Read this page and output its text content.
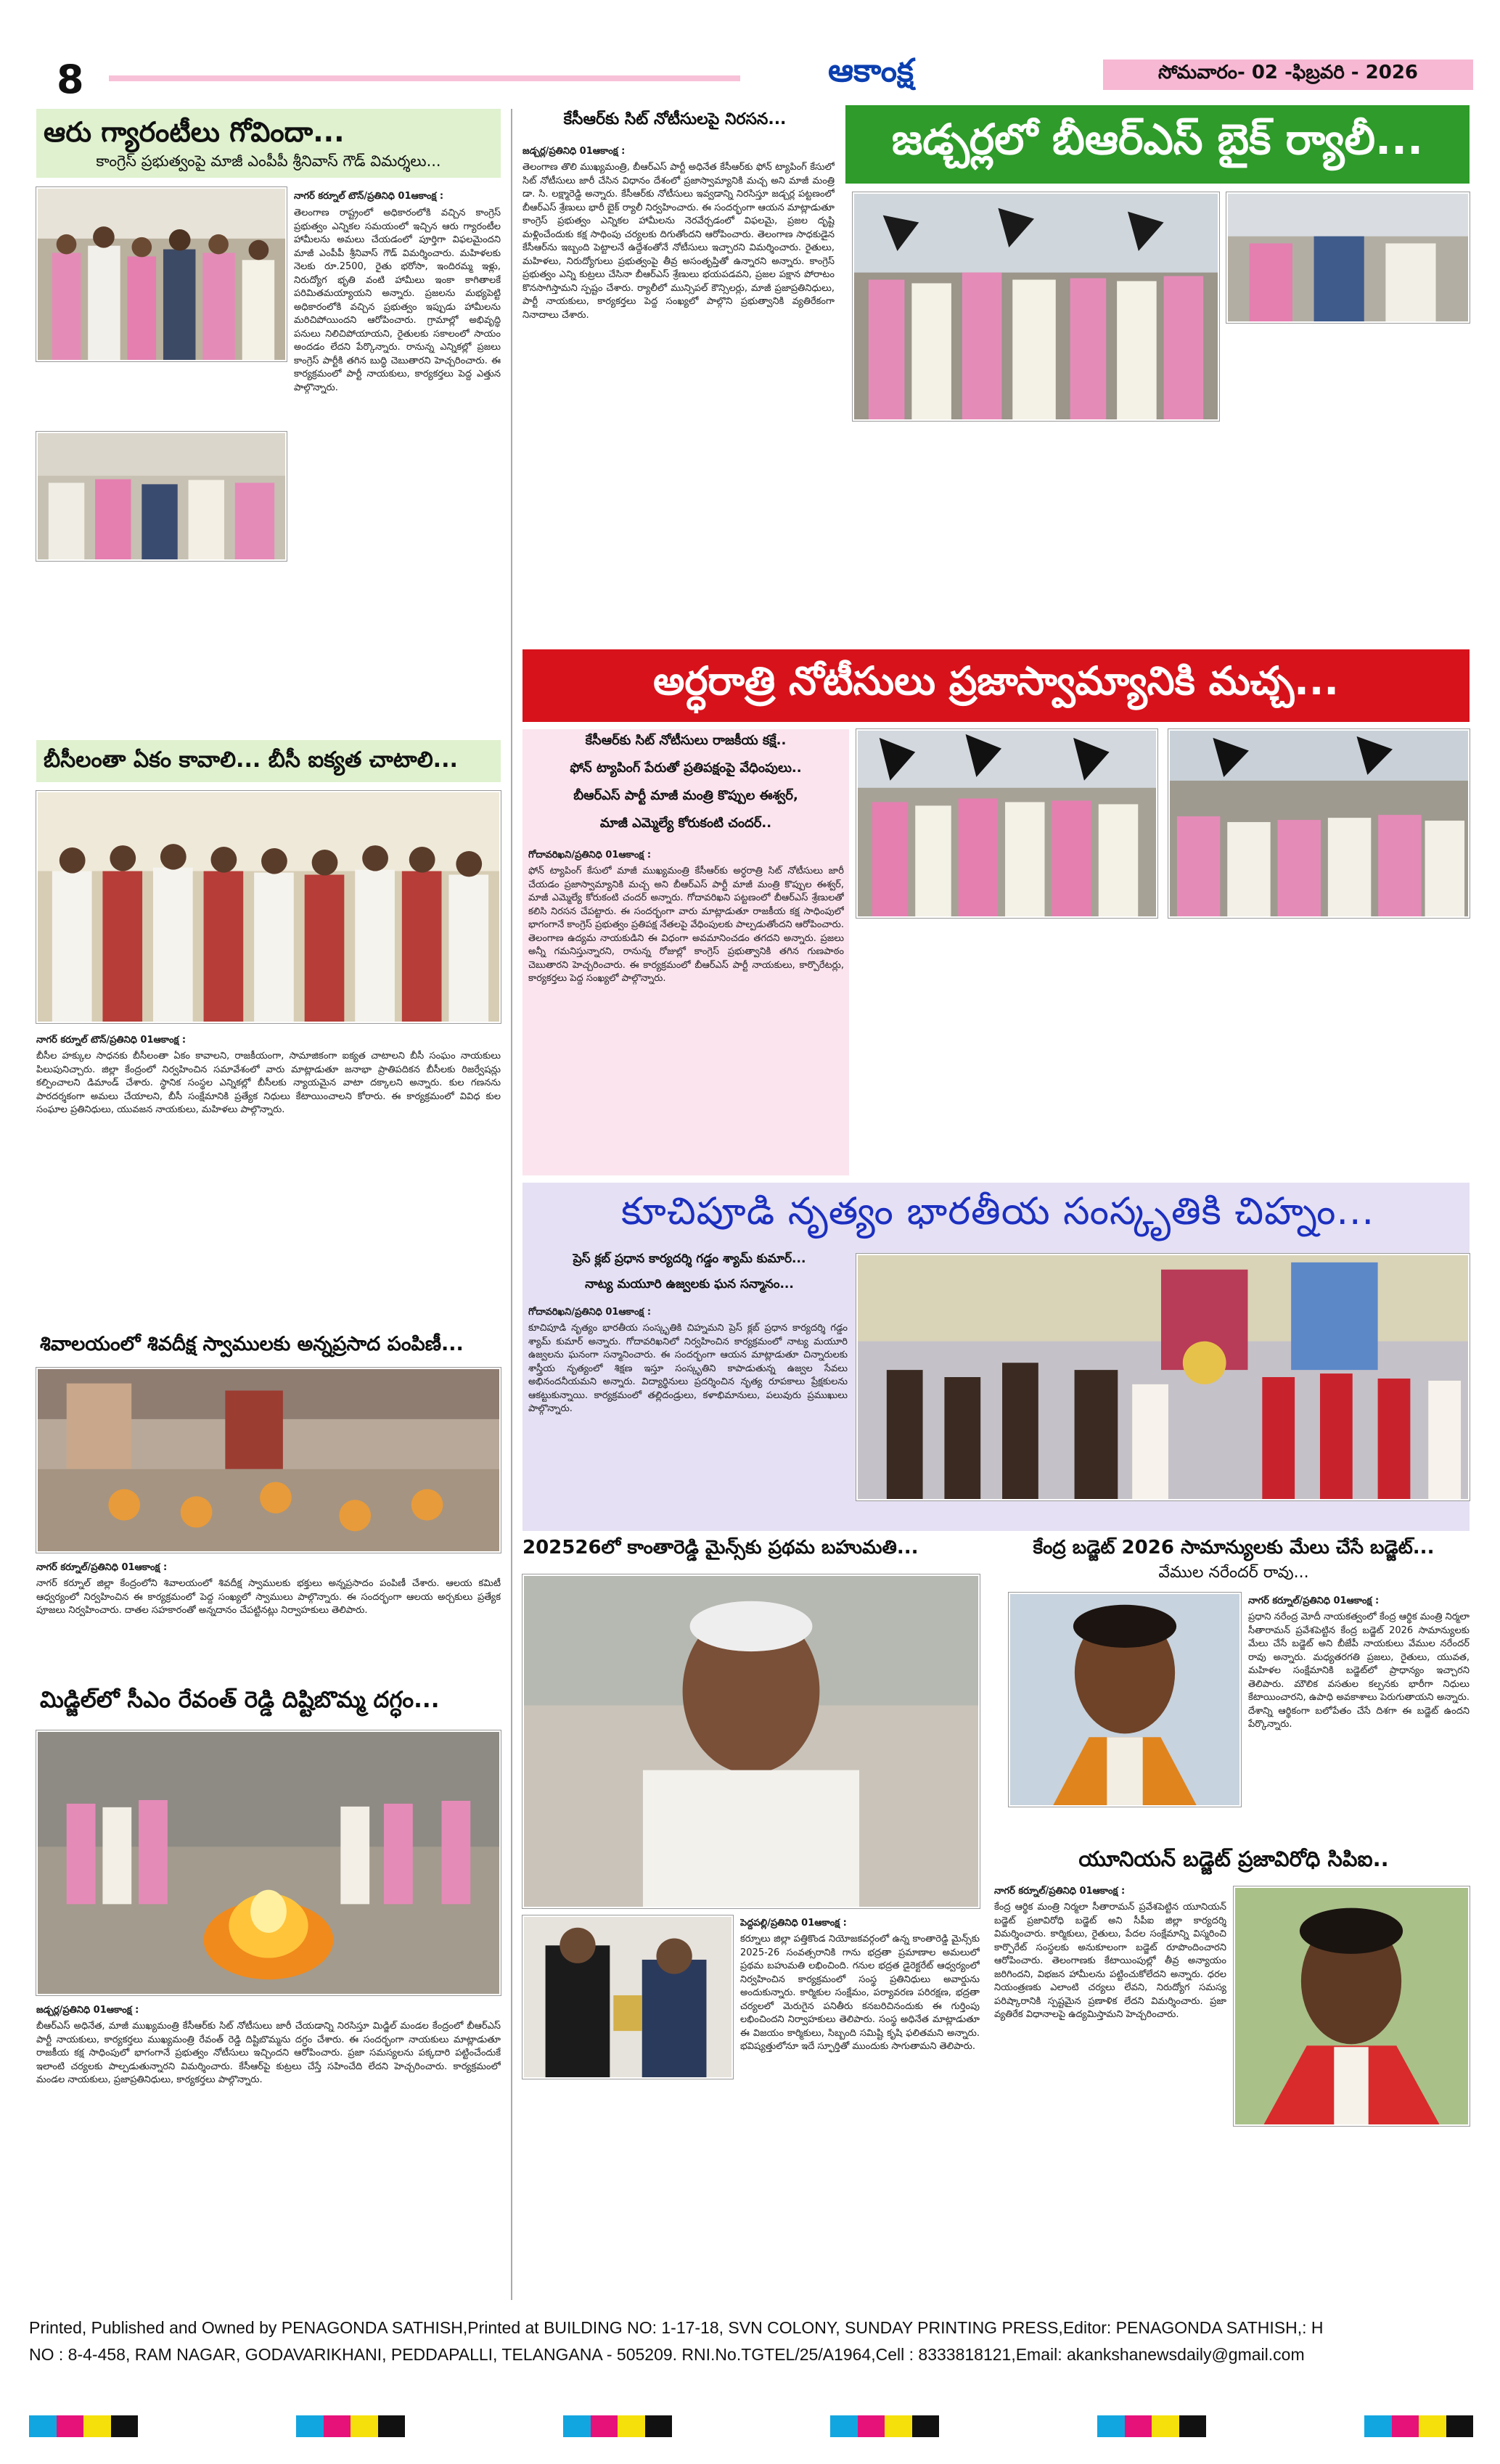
8	ఆకాంక్ష	సోమవారం- 02 -ఫిబ్రవరి - 2026
ఆరు గ్యారంటీలు గోవిందా...
కాంగ్రెస్ ప్రభుత్వంపై మాజీ ఎంపీపీ శ్రీనివాస్ గౌడ్ విమర్శలు...
నాగర్ కర్నూల్ టౌన్/ప్రతినిధి 01ఆకాంక్ష :
తెలంగాణ రాష్ట్రంలో అధికారంలోకి వచ్చిన కాంగ్రెస్ ప్రభుత్వం ఎన్నికల సమయంలో ఇచ్చిన ఆరు గ్యారంటీల హామీలను అమలు చేయడంలో పూర్తిగా విఫలమైందని మాజీ ఎంపీపీ శ్రీనివాస్ గౌడ్ విమర్శించారు. మహిళలకు నెలకు రూ.2500, రైతు భరోసా, ఇందిరమ్మ ఇళ్లు, నిరుద్యోగ భృతి వంటి హామీలు ఇంకా కాగితాలకే పరిమితమయ్యాయని అన్నారు. ప్రజలను మభ్యపెట్టి అధికారంలోకి వచ్చిన ప్రభుత్వం ఇప్పుడు హామీలను మరిచిపోయిందని ఆరోపించారు. గ్రామాల్లో అభివృద్ధి పనులు నిలిచిపోయాయని, రైతులకు సకాలంలో సాయం అందడం లేదని పేర్కొన్నారు. రానున్న ఎన్నికల్లో ప్రజలు కాంగ్రెస్ పార్టీకి తగిన బుద్ధి చెబుతారని హెచ్చరించారు. ఈ కార్యక్రమంలో పార్టీ నాయకులు, కార్యకర్తలు పెద్ద ఎత్తున పాల్గొన్నారు.
బీసీలంతా ఏకం కావాలి... బీసీ ఐక్యత చాటాలి...
నాగర్ కర్నూల్ టౌన్/ప్రతినిధి 01ఆకాంక్ష :
బీసీల హక్కుల సాధనకు బీసీలంతా ఏకం కావాలని, రాజకీయంగా, సామాజికంగా ఐక్యత చాటాలని బీసీ సంఘం నాయకులు పిలుపునిచ్చారు. జిల్లా కేంద్రంలో నిర్వహించిన సమావేశంలో వారు మాట్లాడుతూ జనాభా ప్రాతిపదికన బీసీలకు రిజర్వేషన్లు కల్పించాలని డిమాండ్ చేశారు. స్థానిక సంస్థల ఎన్నికల్లో బీసీలకు న్యాయమైన వాటా దక్కాలని అన్నారు. కుల గణనను పారదర్శకంగా అమలు చేయాలని, బీసీ సంక్షేమానికి ప్రత్యేక నిధులు కేటాయించాలని కోరారు. ఈ కార్యక్రమంలో వివిధ కుల సంఘాల ప్రతినిధులు, యువజన నాయకులు, మహిళలు పాల్గొన్నారు.
శివాలయంలో శివదీక్ష స్వాములకు అన్నప్రసాద పంపిణీ...
నాగర్ కర్నూల్/ప్రతినిధి 01ఆకాంక్ష :
నాగర్ కర్నూల్ జిల్లా కేంద్రంలోని శివాలయంలో శివదీక్ష స్వాములకు భక్తులు అన్నప్రసాదం పంపిణీ చేశారు. ఆలయ కమిటీ ఆధ్వర్యంలో నిర్వహించిన ఈ కార్యక్రమంలో పెద్ద సంఖ్యలో స్వాములు పాల్గొన్నారు. ఈ సందర్భంగా ఆలయ అర్చకులు ప్రత్యేక పూజలు నిర్వహించారు. దాతల సహకారంతో అన్నదానం చేపట్టినట్లు నిర్వాహకులు తెలిపారు.
మిడ్జిల్‌లో సీఎం రేవంత్ రెడ్డి దిష్టిబొమ్మ దగ్ధం...
జడ్చర్ల/ప్రతినిధి 01ఆకాంక్ష :
బీఆర్ఎస్ అధినేత, మాజీ ముఖ్యమంత్రి కేసీఆర్‌కు సిట్ నోటీసులు జారీ చేయడాన్ని నిరసిస్తూ మిడ్జిల్ మండల కేంద్రంలో బీఆర్ఎస్ పార్టీ నాయకులు, కార్యకర్తలు ముఖ్యమంత్రి రేవంత్ రెడ్డి దిష్టిబొమ్మను దగ్ధం చేశారు. ఈ సందర్భంగా నాయకులు మాట్లాడుతూ రాజకీయ కక్ష సాధింపులో భాగంగానే ప్రభుత్వం నోటీసులు ఇచ్చిందని ఆరోపించారు. ప్రజా సమస్యలను పక్కదారి పట్టించేందుకే ఇలాంటి చర్యలకు పాల్పడుతున్నారని విమర్శించారు. కేసీఆర్‌పై కుట్రలు చేస్తే సహించేది లేదని హెచ్చరించారు. కార్యక్రమంలో మండల నాయకులు, ప్రజాప్రతినిధులు, కార్యకర్తలు పాల్గొన్నారు.
కేసీఆర్‌కు సిట్ నోటీసులపై నిరసన...	జడ్చర్లలో బీఆర్ఎస్ బైక్ ర్యాలీ...
జడ్చర్ల/ప్రతినిధి 01ఆకాంక్ష :
తెలంగాణ తొలి ముఖ్యమంత్రి, బీఆర్ఎస్ పార్టీ అధినేత కేసీఆర్‌కు ఫోన్ ట్యాపింగ్ కేసులో సిట్ నోటీసులు జారీ చేసిన విధానం దేశంలో ప్రజాస్వామ్యానికి మచ్చ అని మాజీ మంత్రి డా. సి. లక్ష్మారెడ్డి అన్నారు. కేసీఆర్‌కు నోటీసులు ఇవ్వడాన్ని నిరసిస్తూ జడ్చర్ల పట్టణంలో బీఆర్ఎస్ శ్రేణులు భారీ బైక్ ర్యాలీ నిర్వహించారు. ఈ సందర్భంగా ఆయన మాట్లాడుతూ కాంగ్రెస్ ప్రభుత్వం ఎన్నికల హామీలను నెరవేర్చడంలో విఫలమై, ప్రజల దృష్టి మళ్లించేందుకు కక్ష సాధింపు చర్యలకు దిగుతోందని ఆరోపించారు. తెలంగాణ సాధకుడైన కేసీఆర్‌ను ఇబ్బంది పెట్టాలనే ఉద్దేశంతోనే నోటీసులు ఇచ్చారని విమర్శించారు. రైతులు, మహిళలు, నిరుద్యోగులు ప్రభుత్వంపై తీవ్ర అసంతృప్తితో ఉన్నారని అన్నారు. కాంగ్రెస్ ప్రభుత్వం ఎన్ని కుట్రలు చేసినా బీఆర్ఎస్ శ్రేణులు భయపడవని, ప్రజల పక్షాన పోరాటం కొనసాగిస్తామని స్పష్టం చేశారు. ర్యాలీలో మున్సిపల్ కౌన్సిలర్లు, మాజీ ప్రజాప్రతినిధులు, పార్టీ నాయకులు, కార్యకర్తలు పెద్ద సంఖ్యలో పాల్గొని ప్రభుత్వానికి వ్యతిరేకంగా నినాదాలు చేశారు.
అర్ధరాత్రి నోటీసులు ప్రజాస్వామ్యానికి మచ్చ...
కేసీఆర్‌కు సిట్ నోటీసులు రాజకీయ కక్షే..
ఫోన్ ట్యాపింగ్ పేరుతో ప్రతిపక్షంపై వేధింపులు..
బీఆర్ఎస్ పార్టీ మాజీ మంత్రి కొప్పుల ఈశ్వర్,
మాజీ ఎమ్మెల్యే కోరుకంటి చందర్..
గోదావరిఖని/ప్రతినిధి 01ఆకాంక్ష :
ఫోన్ ట్యాపింగ్ కేసులో మాజీ ముఖ్యమంత్రి కేసీఆర్‌కు అర్ధరాత్రి సిట్ నోటీసులు జారీ చేయడం ప్రజాస్వామ్యానికి మచ్చ అని బీఆర్ఎస్ పార్టీ మాజీ మంత్రి కొప్పుల ఈశ్వర్, మాజీ ఎమ్మెల్యే కోరుకంటి చందర్ అన్నారు. గోదావరిఖని పట్టణంలో బీఆర్ఎస్ శ్రేణులతో కలిసి నిరసన చేపట్టారు. ఈ సందర్భంగా వారు మాట్లాడుతూ రాజకీయ కక్ష సాధింపులో భాగంగానే కాంగ్రెస్ ప్రభుత్వం ప్రతిపక్ష నేతలపై వేధింపులకు పాల్పడుతోందని ఆరోపించారు. తెలంగాణ ఉద్యమ నాయకుడిని ఈ విధంగా అవమానించడం తగదని అన్నారు. ప్రజలు అన్నీ గమనిస్తున్నారని, రానున్న రోజుల్లో కాంగ్రెస్ ప్రభుత్వానికి తగిన గుణపాఠం చెబుతారని హెచ్చరించారు. ఈ కార్యక్రమంలో బీఆర్ఎస్ పార్టీ నాయకులు, కార్పొరేటర్లు, కార్యకర్తలు పెద్ద సంఖ్యలో పాల్గొన్నారు.
కూచిపూడి నృత్యం భారతీయ సంస్కృతికి చిహ్నం...
ప్రెస్ క్లబ్ ప్రధాన కార్యదర్శి గడ్డం శ్యామ్ కుమార్...
నాట్య మయూరి ఉజ్వలకు ఘన సన్మానం...
గోదావరిఖని/ప్రతినిధి 01ఆకాంక్ష :
కూచిపూడి నృత్యం భారతీయ సంస్కృతికి చిహ్నమని ప్రెస్ క్లబ్ ప్రధాన కార్యదర్శి గడ్డం శ్యామ్ కుమార్ అన్నారు. గోదావరిఖనిలో నిర్వహించిన కార్యక్రమంలో నాట్య మయూరి ఉజ్వలను ఘనంగా సన్మానించారు. ఈ సందర్భంగా ఆయన మాట్లాడుతూ చిన్నారులకు శాస్త్రీయ నృత్యంలో శిక్షణ ఇస్తూ సంస్కృతిని కాపాడుతున్న ఉజ్వల సేవలు అభినందనీయమని అన్నారు. విద్యార్థినులు ప్రదర్శించిన నృత్య రూపకాలు ప్రేక్షకులను ఆకట్టుకున్నాయి. కార్యక్రమంలో తల్లిదండ్రులు, కళాభిమానులు, పలువురు ప్రముఖులు పాల్గొన్నారు.
202526లో కాంతారెడ్డి మైన్స్‌కు ప్రథమ బహుమతి...
పెద్దపల్లి/ప్రతినిధి 01ఆకాంక్ష :
కర్నూలు జిల్లా పత్తికొండ నియోజకవర్గంలో ఉన్న కాంతారెడ్డి మైన్స్‌కు 2025-26 సంవత్సరానికి గాను భద్రతా ప్రమాణాల అమలులో ప్రథమ బహుమతి లభించింది. గనుల భద్రత డైరెక్టరేట్ ఆధ్వర్యంలో నిర్వహించిన కార్యక్రమంలో సంస్థ ప్రతినిధులు అవార్డును అందుకున్నారు. కార్మికుల సంక్షేమం, పర్యావరణ పరిరక్షణ, భద్రతా చర్యలలో మెరుగైన పనితీరు కనబరిచినందుకు ఈ గుర్తింపు లభించిందని నిర్వాహకులు తెలిపారు. సంస్థ అధినేత మాట్లాడుతూ ఈ విజయం కార్మికులు, సిబ్బంది సమిష్టి కృషి ఫలితమని అన్నారు. భవిష్యత్తులోనూ ఇదే స్ఫూర్తితో ముందుకు సాగుతామని తెలిపారు.
కేంద్ర బడ్జెట్ 2026 సామాన్యులకు మేలు చేసే బడ్జెట్...
వేముల నరేందర్ రావు...
నాగర్ కర్నూల్/ప్రతినిధి 01ఆకాంక్ష :
ప్రధాని నరేంద్ర మోదీ నాయకత్వంలో కేంద్ర ఆర్థిక మంత్రి నిర్మలా సీతారామన్ ప్రవేశపెట్టిన కేంద్ర బడ్జెట్ 2026 సామాన్యులకు మేలు చేసే బడ్జెట్ అని బీజేపీ నాయకులు వేముల నరేందర్ రావు అన్నారు. మధ్యతరగతి ప్రజలు, రైతులు, యువత, మహిళల సంక్షేమానికి బడ్జెట్‌లో ప్రాధాన్యం ఇచ్చారని తెలిపారు. మౌలిక వసతుల కల్పనకు భారీగా నిధులు కేటాయించారని, ఉపాధి అవకాశాలు పెరుగుతాయని అన్నారు. దేశాన్ని ఆర్థికంగా బలోపేతం చేసే దిశగా ఈ బడ్జెట్ ఉందని పేర్కొన్నారు.
యూనియన్ బడ్జెట్ ప్రజావిరోధి సిపిఐ..
నాగర్ కర్నూల్/ప్రతినిధి 01ఆకాంక్ష :
కేంద్ర ఆర్థిక మంత్రి నిర్మలా సీతారామన్ ప్రవేశపెట్టిన యూనియన్ బడ్జెట్ ప్రజావిరోధి బడ్జెట్ అని సీపీఐ జిల్లా కార్యదర్శి విమర్శించారు. కార్మికులు, రైతులు, పేదల సంక్షేమాన్ని విస్మరించి కార్పొరేట్ సంస్థలకు అనుకూలంగా బడ్జెట్ రూపొందించారని ఆరోపించారు. తెలంగాణకు కేటాయింపుల్లో తీవ్ర అన్యాయం జరిగిందని, విభజన హామీలను పట్టించుకోలేదని అన్నారు. ధరల నియంత్రణకు ఎలాంటి చర్యలు లేవని, నిరుద్యోగ సమస్య పరిష్కారానికి స్పష్టమైన ప్రణాళిక లేదని విమర్శించారు. ప్రజా వ్యతిరేక విధానాలపై ఉద్యమిస్తామని హెచ్చరించారు.
Printed, Published and Owned by PENAGONDA SATHISH,Printed at BUILDING NO: 1-17-18, SVN COLONY, SUNDAY PRINTING PRESS,Editor: PENAGONDA SATHISH,: H
NO : 8-4-458, RAM NAGAR, GODAVARIKHANI, PEDDAPALLI, TELANGANA - 505209. RNI.No.TGTEL/25/A1964,Cell : 8333818121,Email: akankshanewsdaily@gmail.com
